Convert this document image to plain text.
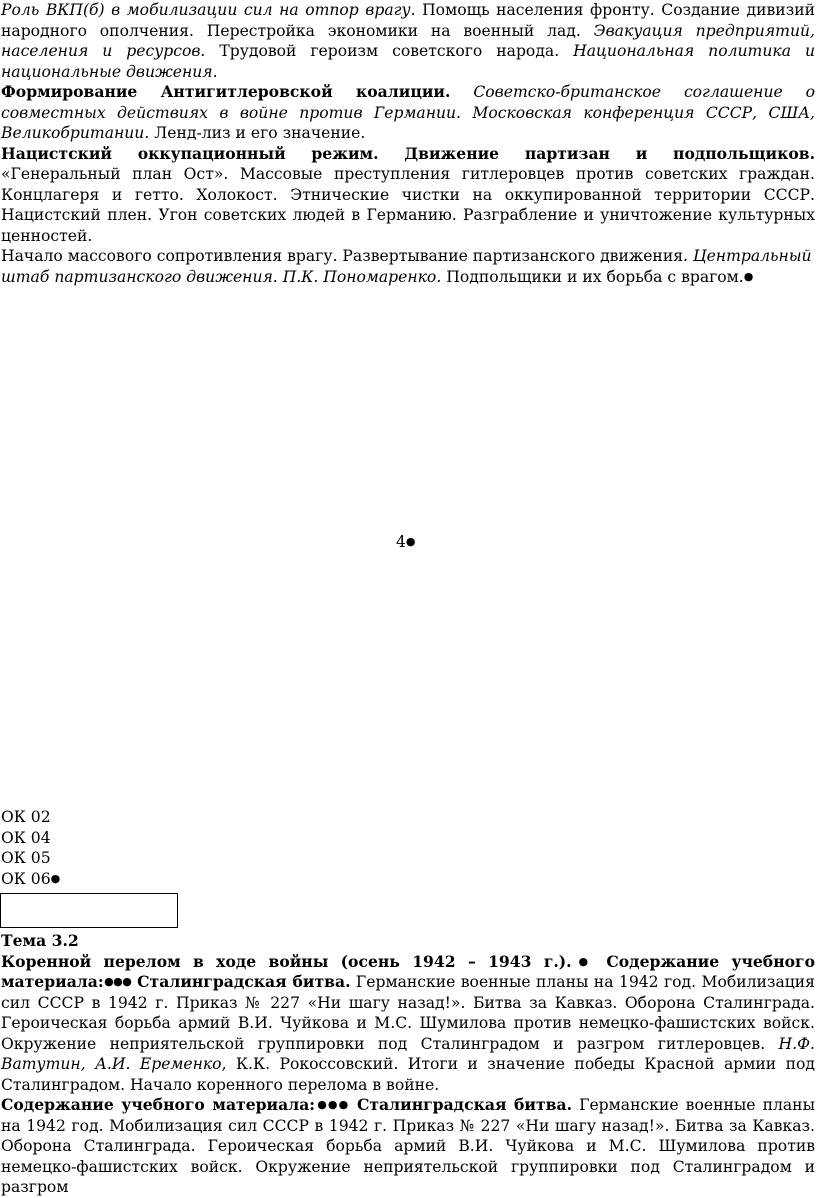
Роль ВКП(б) в мобилизации сил на отпор врагу. Помощь населения фронту. Создание дивизий народного ополчения. Перестройка экономики на военный лад. Эвакуация предприятий, населения и ресурсов. Трудовой героизм советского народа. Национальная политика и национальные движения.

Формирование Антигитлеровской коалиции. Советско-британское соглашение о совместных действиях в войне против Германии. Московская конференция СССР, США, Великобритании. Ленд-лиз и его значение.

Нацистский оккупационный режим. Движение партизан и подпольщиков. «Генеральный план Ост». Массовые преступления гитлеровцев против советских граждан. Концлагеря и гетто. Холокост. Этнические чистки на оккупированной территории СССР. Нацистский плен. Угон советских людей в Германию. Разграбление и уничтожение культурных ценностей.

Начало массового сопротивления врагу. Развертывание партизанского движения. Центральный штаб партизанского движения. П.К. Пономаренко. Подпольщики и их борьба с врагом.●

4●
ОК 02
ОК 04
ОК 05
ОК 06●

Тема 3.2

Коренной перелом в ходе войны (осень 1942 – 1943 г.).● Содержание учебного материала:●●● Сталинградская битва. Германские военные планы на 1942 год. Мобилизация сил СССР в 1942 г. Приказ № 227 «Ни шагу назад!». Битва за Кавказ. Оборона Сталинграда. Героическая борьба армий В.И. Чуйкова и М.С. Шумилова против немецко-фашистских войск. Окружение неприятельской группировки под Сталинградом и разгром гитлеровцев. Н.Ф. Ватутин, А.И. Еременко, К.К. Рокоссовский. Итоги и значение победы Красной армии под Сталинградом. Начало коренного перелома в войне.

Содержание учебного материала:●●● Сталинградская битва. Германские военные планы на 1942 год. Мобилизация сил СССР в 1942 г. Приказ № 227 «Ни шагу назад!». Битва за Кавказ. Оборона Сталинграда. Героическая борьба армий В.И. Чуйкова и М.С. Шумилова против немецко-фашистских войск. Окружение неприятельской группировки под Сталинградом и разгром
